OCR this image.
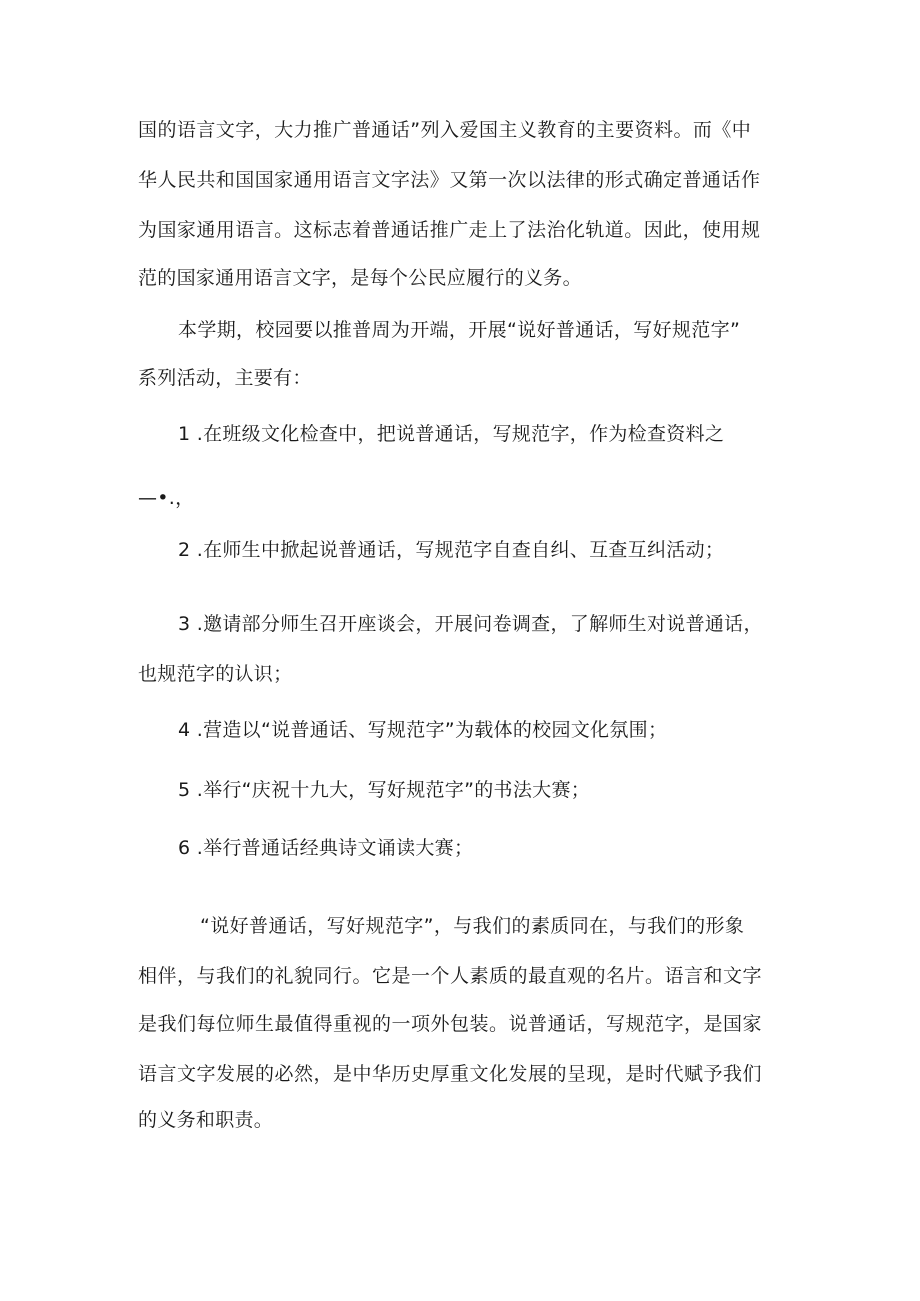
国的语言文字，大力推广普通话”列入爱国主义教育的主要资料。而《中
华人民共和国国家通用语言文字法》又第一次以法律的形式确定普通话作
为国家通用语言。这标志着普通话推广走上了法治化轨道。因此，使用规
范的国家通用语言文字，是每个公民应履行的义务。
本学期，校园要以推普周为开端，开展“说好普通话，写好规范字”
系列活动，主要有：
1 .在班级文化检查中，把说普通话，写规范字，作为检查资料之
—•.，
2 .在师生中掀起说普通话，写规范字自查自纠、互查互纠活动；
3 .邀请部分师生召开座谈会，开展问卷调查，了解师生对说普通话，
也规范字的认识；
4 .营造以“说普通话、写规范字”为载体的校园文化氛围；
5 .举行“庆祝十九大，写好规范字”的书法大赛；
6 .举行普通话经典诗文诵读大赛；
“说好普通话，写好规范字”，与我们的素质同在，与我们的形象
相伴，与我们的礼貌同行。它是一个人素质的最直观的名片。语言和文字
是我们每位师生最值得重视的一项外包装。说普通话，写规范字，是国家
语言文字发展的必然，是中华历史厚重文化发展的呈现，是时代赋予我们
的义务和职责。
